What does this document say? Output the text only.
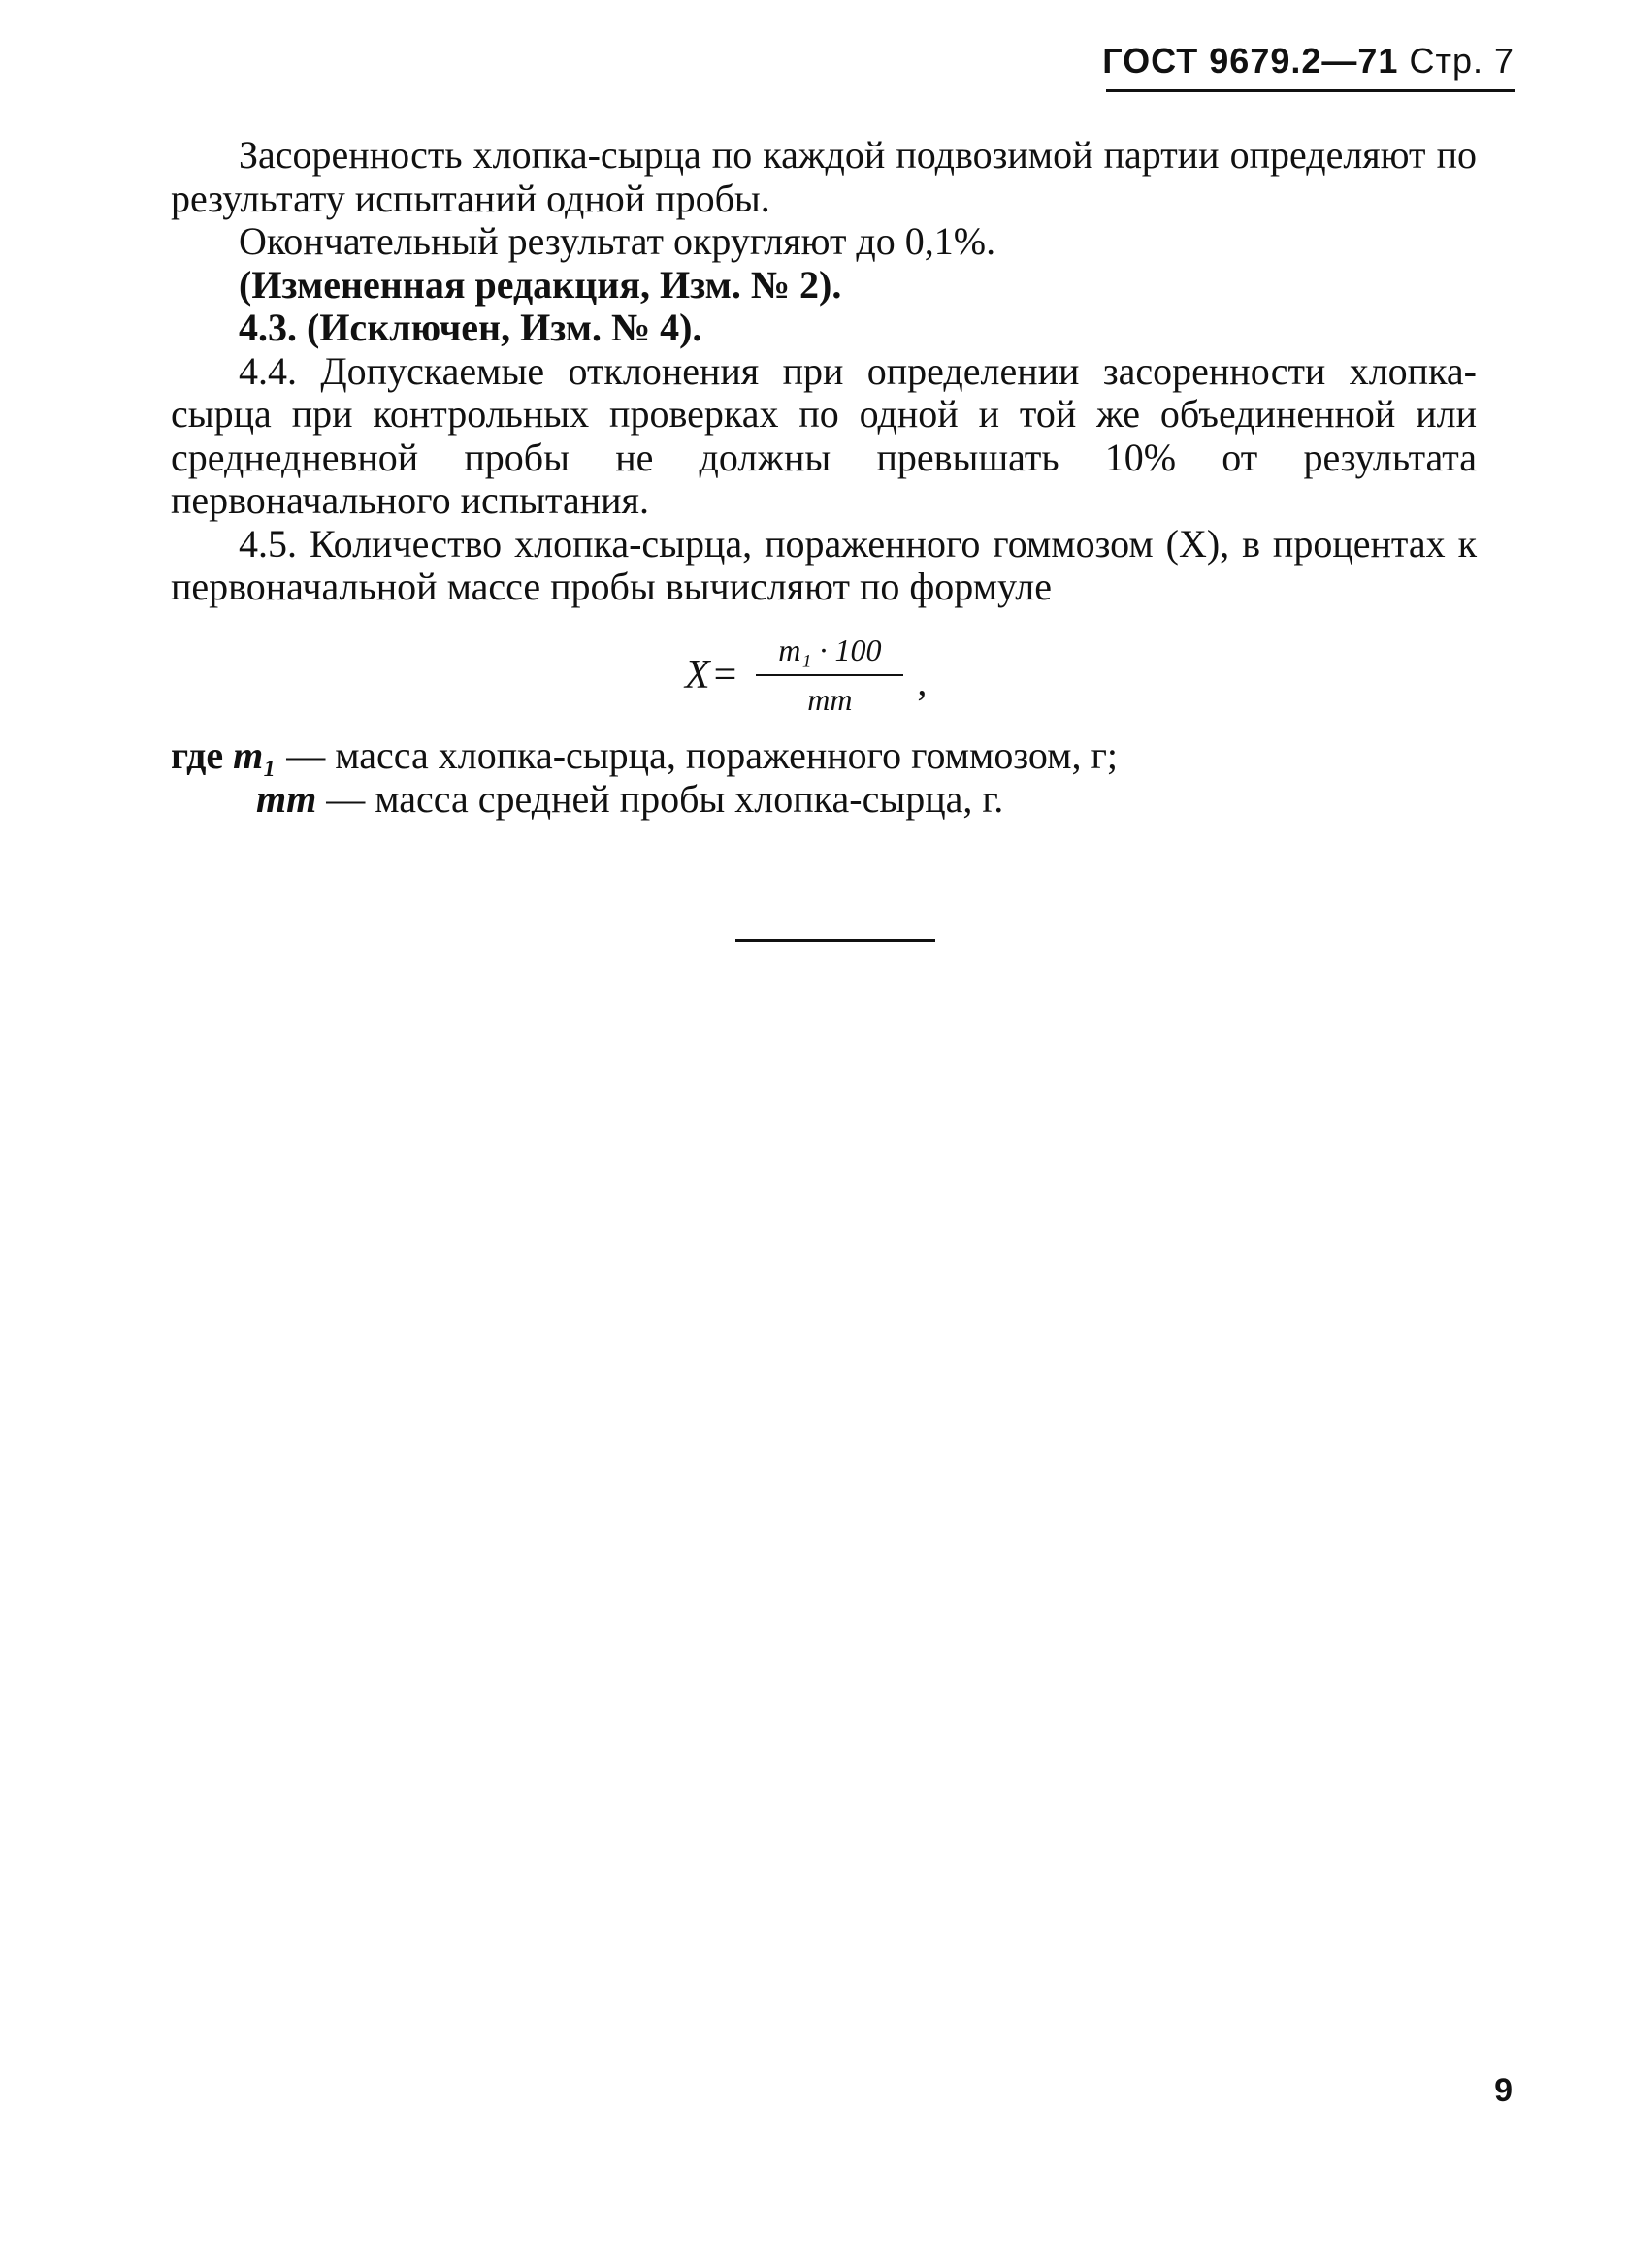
ГОСТ 9679.2—71 Стр. 7

Засоренность хлопка-сырца по каждой подвозимой партии определяют по результату испытаний одной пробы.

Окончательный результат округляют до 0,1%.

(Измененная редакция, Изм. № 2).

4.3. (Исключен, Изм. № 4).

4.4. Допускаемые отклонения при определении засоренности хлопка-сырца при контрольных проверках по одной и той же объединенной или среднедневной пробы не должны превышать 10% от результата первоначального испытания.

4.5. Количество хлопка-сырца, пораженного гоммозом (X), в процентах к первоначальной массе пробы вычисляют по формуле

$X = \frac{\text{m₁ · 100}}{mт}$ ,
где m₁ — масса хлопка-сырца, пораженного гоммозом, г;
mт — масса средней пробы хлопка-сырца, г.
9
